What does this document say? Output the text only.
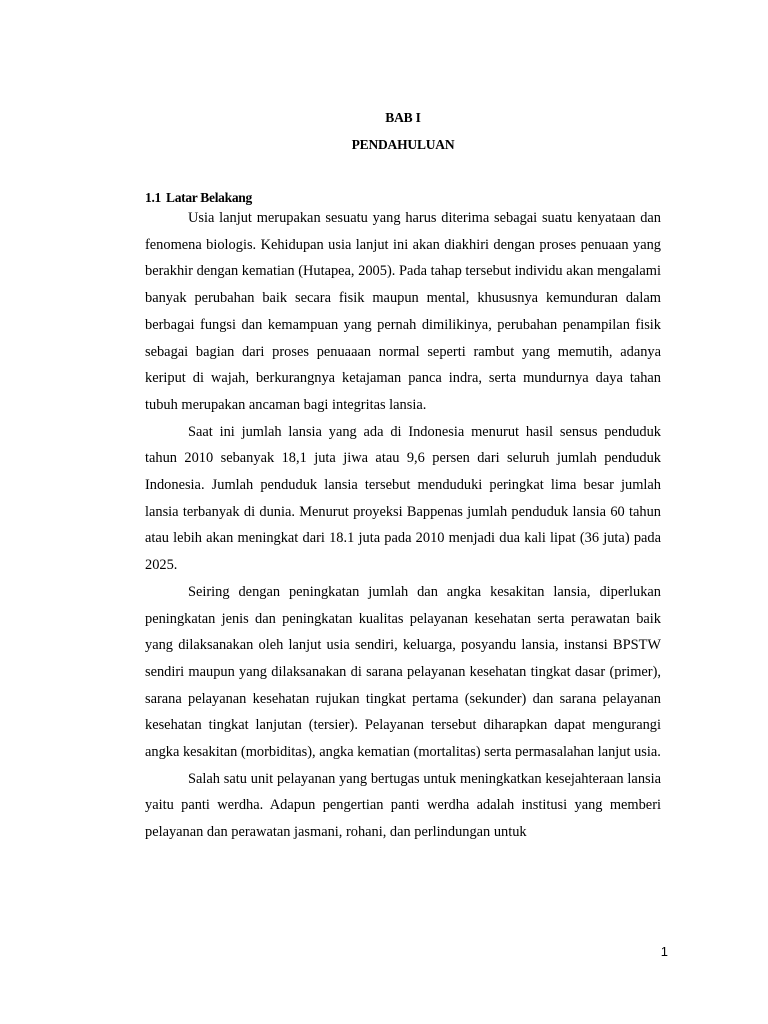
BAB I
PENDAHULUAN
1.1 Latar Belakang

Usia lanjut merupakan sesuatu yang harus diterima sebagai suatu kenyataan dan fenomena biologis. Kehidupan usia lanjut ini akan diakhiri dengan proses penuaan yang berakhir dengan kematian (Hutapea, 2005). Pada tahap tersebut individu akan mengalami banyak perubahan baik secara fisik maupun mental, khususnya kemunduran dalam berbagai fungsi dan kemampuan yang pernah dimilikinya, perubahan penampilan fisik sebagai bagian dari proses penuaaan normal seperti rambut yang memutih, adanya keriput di wajah, berkurangnya ketajaman panca indra, serta mundurnya daya tahan tubuh merupakan ancaman bagi integritas lansia.

Saat ini jumlah lansia yang ada di Indonesia menurut hasil sensus penduduk tahun 2010 sebanyak 18,1 juta jiwa atau 9,6 persen dari seluruh jumlah penduduk Indonesia. Jumlah penduduk lansia tersebut menduduki peringkat lima besar jumlah lansia terbanyak di dunia. Menurut proyeksi Bappenas jumlah penduduk lansia 60 tahun atau lebih akan meningkat dari 18.1 juta pada 2010 menjadi dua kali lipat (36 juta) pada 2025.

Seiring dengan peningkatan jumlah dan angka kesakitan lansia, diperlukan peningkatan jenis dan peningkatan kualitas pelayanan kesehatan serta perawatan baik yang dilaksanakan oleh lanjut usia sendiri, keluarga, posyandu lansia, instansi BPSTW sendiri maupun yang dilaksanakan di sarana pelayanan kesehatan tingkat dasar (primer), sarana pelayanan kesehatan rujukan tingkat pertama (sekunder) dan sarana pelayanan kesehatan tingkat lanjutan (tersier). Pelayanan tersebut diharapkan dapat mengurangi angka kesakitan (morbiditas), angka kematian (mortalitas) serta permasalahan lanjut usia.

Salah satu unit pelayanan yang bertugas untuk meningkatkan kesejahteraan lansia yaitu panti werdha. Adapun pengertian panti werdha adalah institusi yang memberi pelayanan dan perawatan jasmani, rohani, dan perlindungan untuk

1
